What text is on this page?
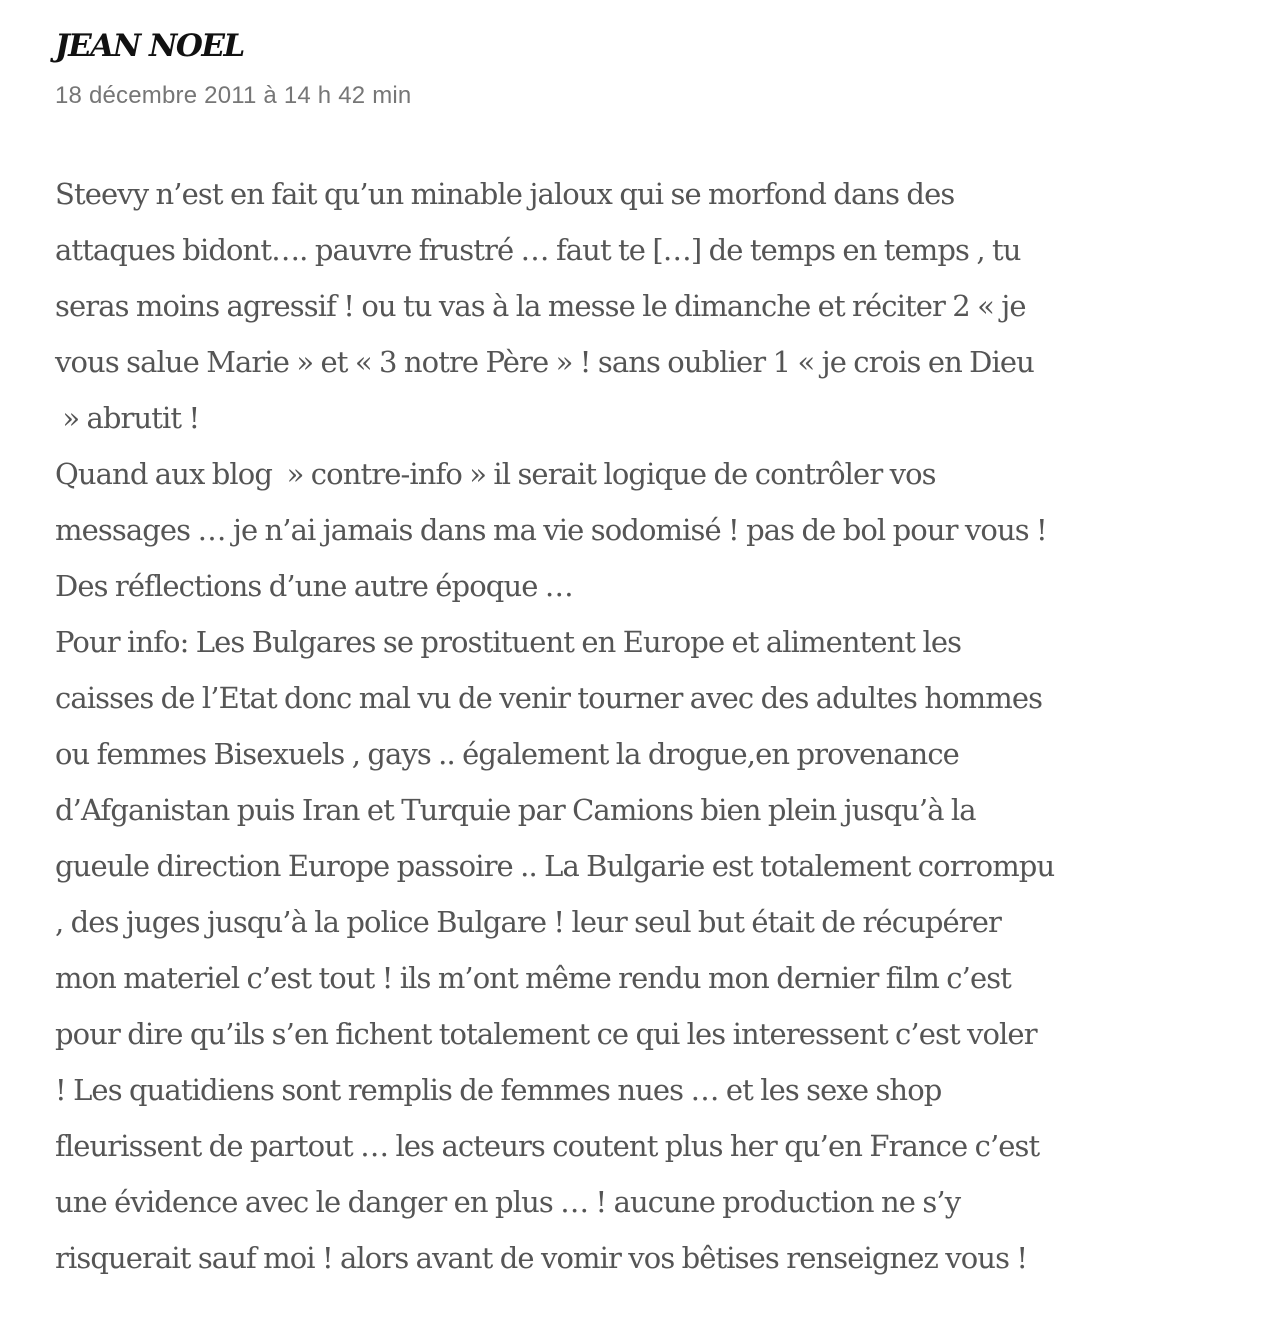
JEAN NOEL
18 décembre 2011 à 14 h 42 min
Steevy n’est en fait qu’un minable jaloux qui se morfond dans des
attaques bidont…. pauvre frustré … faut te […] de temps en temps , tu
seras moins agressif ! ou tu vas à la messe le dimanche et réciter 2 « je
vous salue Marie » et « 3 notre Père » ! sans oublier 1 « je crois en Dieu
» abrutit !
Quand aux blog  » contre-info » il serait logique de contrôler vos
messages … je n’ai jamais dans ma vie sodomisé ! pas de bol pour vous !
Des réflections d’une autre époque …
Pour info: Les Bulgares se prostituent en Europe et alimentent les
caisses de l’Etat donc mal vu de venir tourner avec des adultes hommes
ou femmes Bisexuels , gays .. également la drogue,en provenance
d’Afganistan puis Iran et Turquie par Camions bien plein jusqu’à la
gueule direction Europe passoire .. La Bulgarie est totalement corrompu
, des juges jusqu’à la police Bulgare ! leur seul but était de récupérer
mon materiel c’est tout ! ils m’ont même rendu mon dernier film c’est
pour dire qu’ils s’en fichent totalement ce qui les interessent c’est voler
! Les quatidiens sont remplis de femmes nues … et les sexe shop
fleurissent de partout … les acteurs coutent plus her qu’en France c’est
une évidence avec le danger en plus … ! aucune production ne s’y
risquerait sauf moi ! alors avant de vomir vos bêtises renseignez vous !
